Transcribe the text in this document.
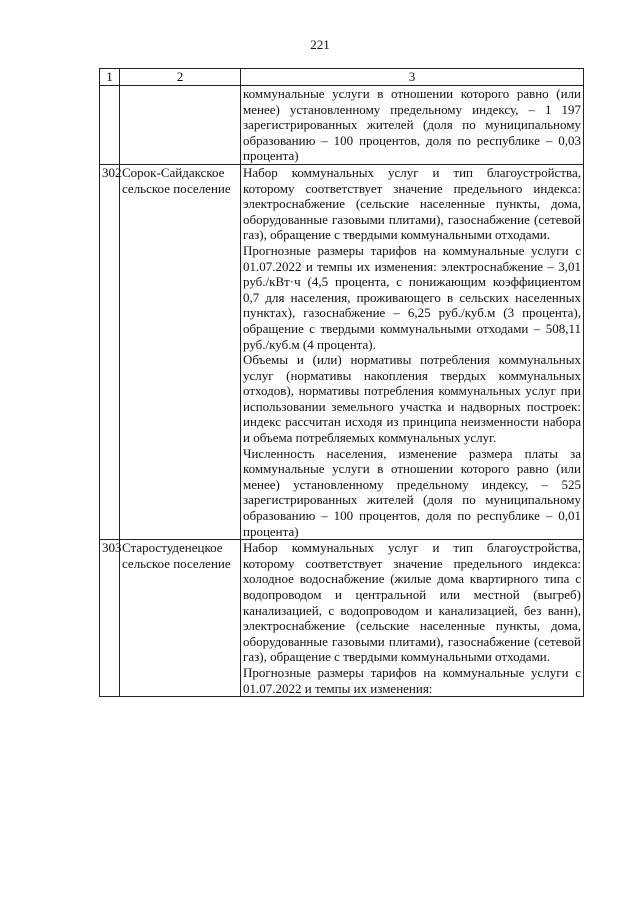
221
1	2	3

		коммунальные услуги в отношении которого равно (или менее) установленному предельному индексу, – 1 197 зарегистрированных жителей (доля по муниципальному образованию – 100 процентов, доля по республике – 0,03 процента)

302	Сорок-Сайдакское сельское поселение	Набор коммунальных услуг и тип благоустройства, которому соответствует значение предельного индекса: электроснабжение (сельские населенные пункты, дома, оборудованные газовыми плитами), газоснабжение (сетевой газ), обращение с твердыми коммунальными отходами.
Прогнозные размеры тарифов на коммунальные услуги с 01.07.2022 и темпы их изменения: электроснабжение – 3,01 руб./кВт·ч (4,5 процента, с понижающим коэффициентом 0,7 для населения, проживающего в сельских населенных пунктах), газоснабжение – 6,25 руб./куб.м (3 процента), обращение с твердыми коммунальными отходами – 508,11 руб./куб.м (4 процента).
Объемы и (или) нормативы потребления коммунальных услуг (нормативы накопления твердых коммунальных отходов), нормативы потребления коммунальных услуг при использовании земельного участка и надворных построек: индекс рассчитан исходя из принципа неизменности набора и объема потребляемых коммунальных услуг.
Численность населения, изменение размера платы за коммунальные услуги в отношении которого равно (или менее) установленному предельному индексу, – 525 зарегистрированных жителей (доля по муниципальному образованию – 100 процентов, доля по республике – 0,01 процента)

303	Старостуденецкое сельское поселение	Набор коммунальных услуг и тип благоустройства, которому соответствует значение предельного индекса: холодное водоснабжение (жилые дома квартирного типа с водопроводом и центральной или местной (выгреб) канализацией, с водопроводом и канализацией, без ванн), электроснабжение (сельские населенные пункты, дома, оборудованные газовыми плитами), газоснабжение (сетевой газ), обращение с твердыми коммунальными отходами.
Прогнозные размеры тарифов на коммунальные услуги с 01.07.2022 и темпы их изменения:
